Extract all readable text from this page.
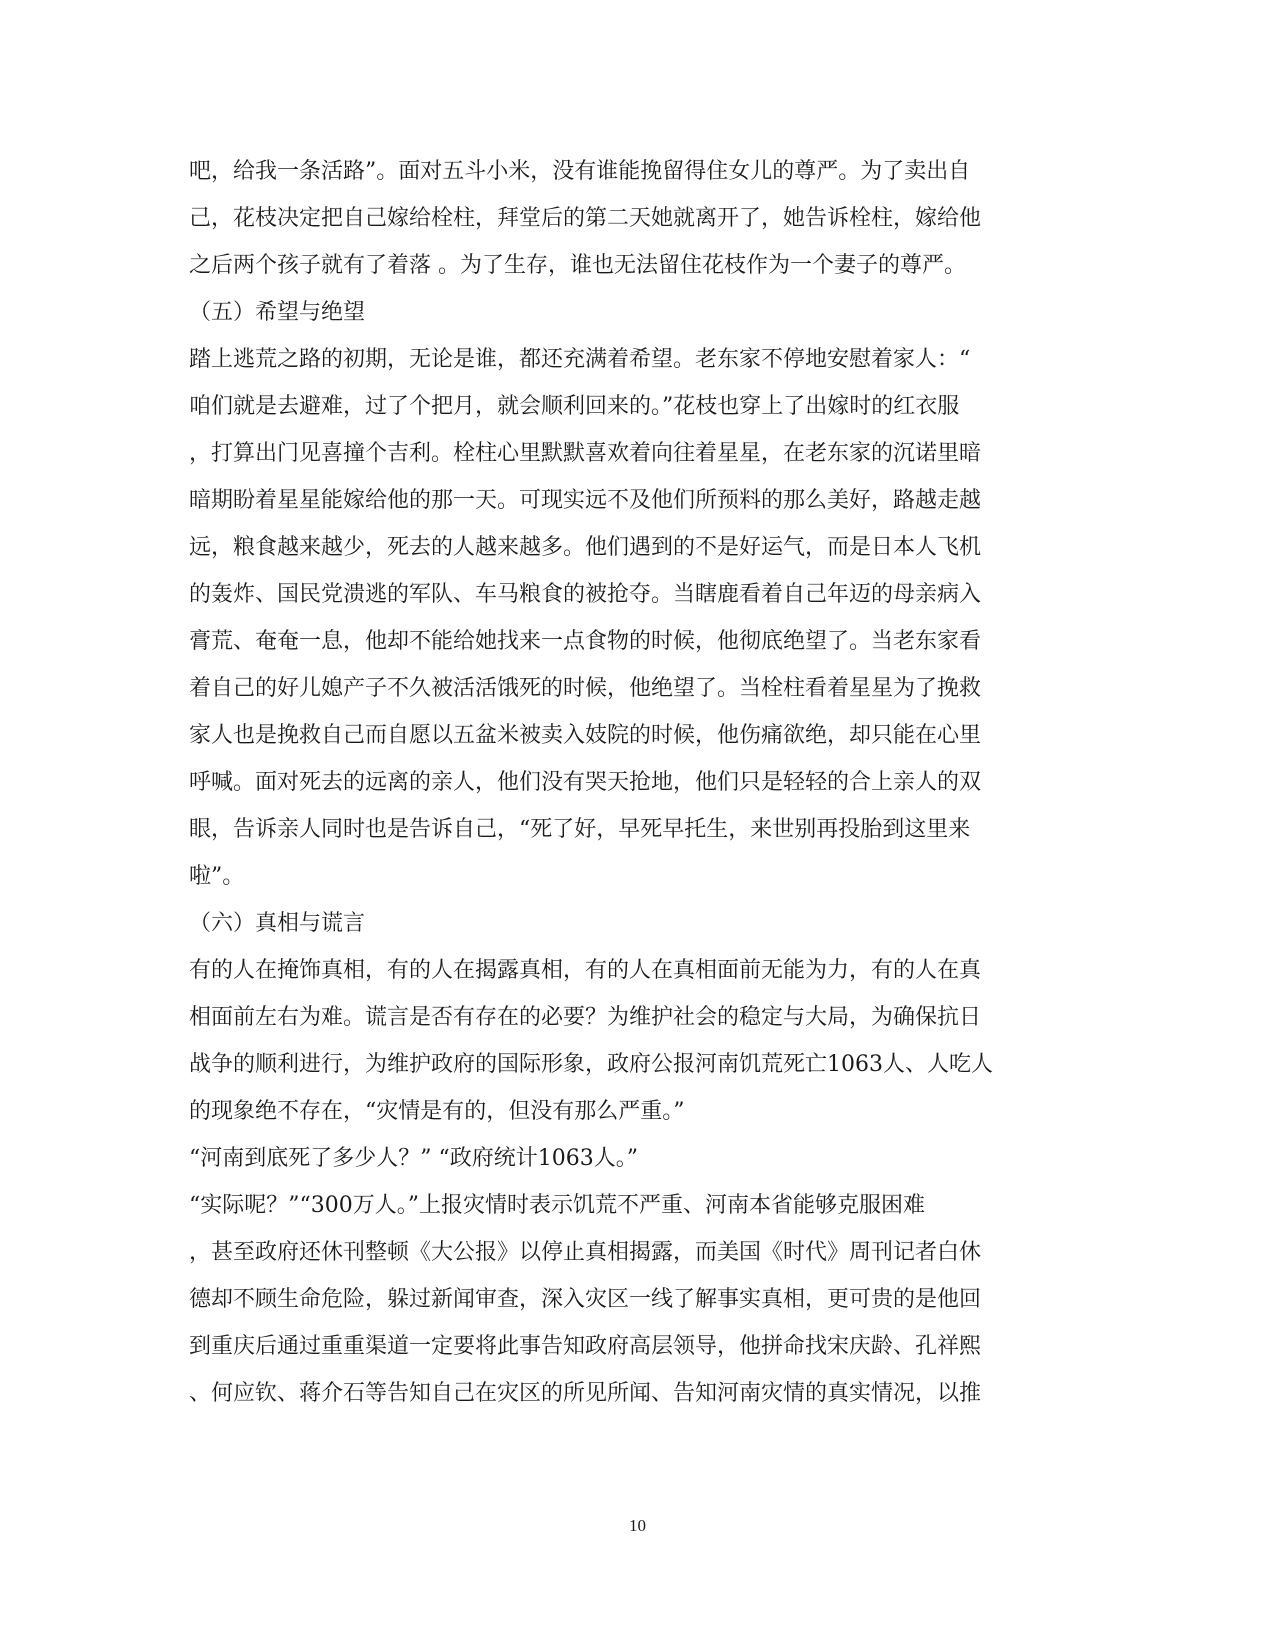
吧，给我一条活路”。面对五斗小米，没有谁能挽留得住女儿的尊严。为了卖出自
己，花枝决定把自己嫁给栓柱，拜堂后的第二天她就离开了，她告诉栓柱，嫁给他
之后两个孩子就有了着落 。为了生存，谁也无法留住花枝作为一个妻子的尊严。
（五）希望与绝望
踏上逃荒之路的初期，无论是谁，都还充满着希望。老东家不停地安慰着家人：“
咱们就是去避难，过了个把月，就会顺利回来的。”花枝也穿上了出嫁时的红衣服
，打算出门见喜撞个吉利。栓柱心里默默喜欢着向往着星星，在老东家的沉诺里暗
暗期盼着星星能嫁给他的那一天。可现实远不及他们所预料的那么美好，路越走越
远，粮食越来越少，死去的人越来越多。他们遇到的不是好运气，而是日本人飞机
的轰炸、国民党溃逃的军队、车马粮食的被抢夺。当瞎鹿看着自己年迈的母亲病入
膏荒、奄奄一息，他却不能给她找来一点食物的时候，他彻底绝望了。当老东家看
着自己的好儿媳产子不久被活活饿死的时候，他绝望了。当栓柱看着星星为了挽救
家人也是挽救自己而自愿以五盆米被卖入妓院的时候，他伤痛欲绝，却只能在心里
呼喊。面对死去的远离的亲人，他们没有哭天抢地，他们只是轻轻的合上亲人的双
眼，告诉亲人同时也是告诉自己，“死了好，早死早托生，来世别再投胎到这里来
啦”。
（六）真相与谎言
有的人在掩饰真相，有的人在揭露真相，有的人在真相面前无能为力，有的人在真
相面前左右为难。谎言是否有存在的必要？为维护社会的稳定与大局，为确保抗日
战争的顺利进行，为维护政府的国际形象，政府公报河南饥荒死亡1063人、人吃人
的现象绝不存在，“灾情是有的，但没有那么严重。”
“河南到底死了多少人？” “政府统计1063人。”
“实际呢？”“300万人。”上报灾情时表示饥荒不严重、河南本省能够克服困难
，甚至政府还休刊整顿《大公报》以停止真相揭露，而美国《时代》周刊记者白休
德却不顾生命危险，躲过新闻审查，深入灾区一线了解事实真相，更可贵的是他回
到重庆后通过重重渠道一定要将此事告知政府高层领导，他拼命找宋庆龄、孔祥熙
、何应钦、蒋介石等告知自己在灾区的所见所闻、告知河南灾情的真实情况，以推
10
